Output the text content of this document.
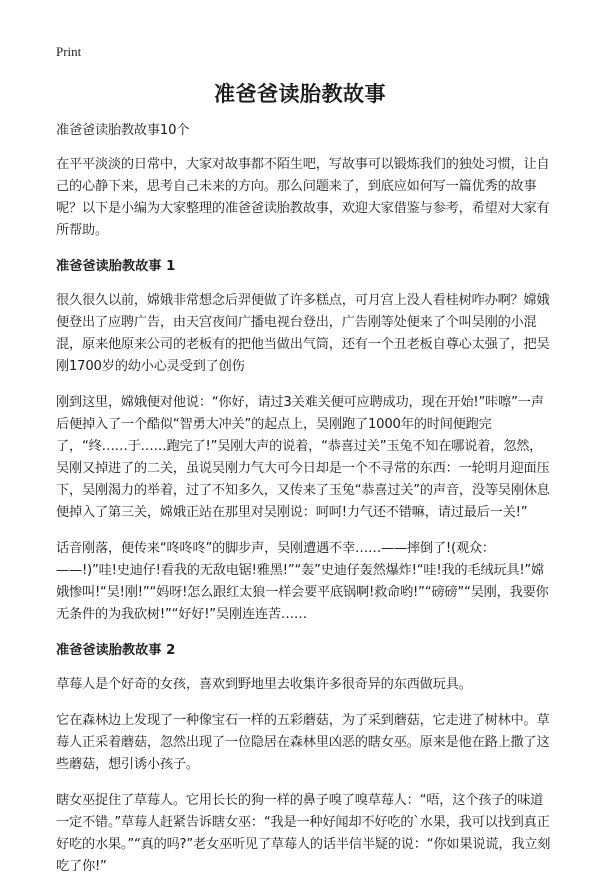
Print
准爸爸读胎教故事

准爸爸读胎教故事10个

在平平淡淡的日常中，大家对故事都不陌生吧，写故事可以锻炼我们的独处习惯，让自己的心静下来，思考自己未来的方向。那么问题来了，到底应如何写一篇优秀的故事呢？以下是小编为大家整理的准爸爸读胎教故事，欢迎大家借鉴与参考，希望对大家有所帮助。

准爸爸读胎教故事 1

很久很久以前，嫦娥非常想念后羿便做了许多糕点，可月宫上没人看桂树咋办啊？嫦娥便登出了应聘广告，由天宫夜间广播电视台登出，广告刚等处便来了个叫吴刚的小混混，原来他原来公司的老板有的把他当做出气筒，还有一个丑老板自尊心太强了，把吴刚1700岁的幼小心灵受到了创伤

刚到这里，嫦娥便对他说：“你好，请过3关难关便可应聘成功，现在开始!”咔嚓”一声后便掉入了一个酷似“智勇大冲关”的起点上，吴刚跑了1000年的时间便跑完了，“终……于……跑完了!”吴刚大声的说着，“恭喜过关”玉兔不知在哪说着，忽然，吴刚又掉进了的二关，虽说吴刚力气大可今日却是一个不寻常的东西：一轮明月迎面压下，吴刚渴力的举着，过了不知多久，又传来了玉兔“恭喜过关”的声音，没等吴刚休息便掉入了第三关，嫦娥正站在那里对吴刚说：呵呵!力气还不错嘛，请过最后一关!”

话音刚落，便传来“咚咚咚”的脚步声，吴刚遭遇不幸……——摔倒了!(观众：——!)”哇!史迪仔!看我的无敌电锯!雅黑!”“轰”史迪仔轰然爆炸!“哇!我的毛绒玩具!”嫦娥惨叫!“吴!刚!”“妈呀!怎么跟红太狼一样会要平底锅啊!救命哟!”“磅磅”“吴刚，我要你无条件的为我砍树!”“好好!”吴刚连连苦……

准爸爸读胎教故事 2

草莓人是个好奇的女孩，喜欢到野地里去收集许多很奇异的东西做玩具。

它在森林边上发现了一种像宝石一样的五彩蘑菇，为了采到蘑菇，它走进了树林中。草莓人正采着蘑菇，忽然出现了一位隐居在森林里凶恶的瞎女巫。原来是他在路上撒了这些蘑菇，想引诱小孩子。

瞎女巫捉住了草莓人。它用长长的狗一样的鼻子嗅了嗅草莓人：“唔，这个孩子的味道一定不错。”草莓人赶紧告诉瞎女巫：“我是一种好闻却不好吃的`水果，我可以找到真正好吃的水果。”“真的吗?”老女巫听见了草莓人的话半信半疑的说：“你如果说谎，我立刻吃了你!”
